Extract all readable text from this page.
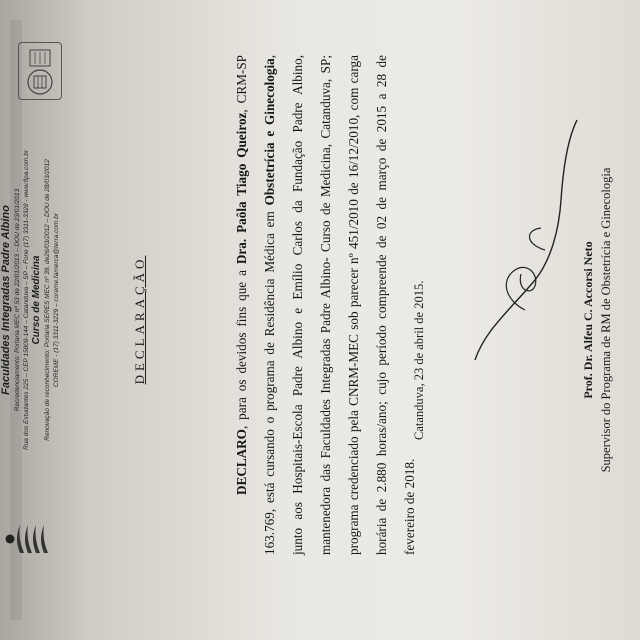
Faculdades Integradas Padre Albino Recredenciamento: Portaria MEC nº 53 de 22/01/2013 – DOU de 23/01/2013 Rua dos Estudantes 225 – CEP 15809-144 – Catanduva – SP – Fone (17) 3311-3328 - www.fipa.com.br Curso de Medicina Renovação de reconhecimento: Portaria SERES MEC nº 39, de26/03/2012 – DOU de 28/03/2012 COREME - (17) 3311-3229 – coreme.famerca@terra.com.br	DECLARAÇÃO

DECLARO, para os devidos fins que a Dra. Paôla Tiago Queiroz, CRM-SP 163.769, está cursando o programa de Residência Médica em Obstetrícia e Ginecologia, junto aos Hospitais-Escola Padre Albino e Emílio Carlos da Fundação Padre Albino, mantenedora das Faculdades Integradas Padre Albino- Curso de Medicina, Catanduva, SP; programa credenciado pela CNRM-MEC sob parecer nº 451/2010 de 16/12/2010, com carga horária de 2.880 horas/ano; cujo período compreende de 02 de março de 2015 a 28 de fevereiro de 2018.

Catanduva, 23 de abril de 2015.	Prof. Dr. Alfeu C. Accorsi Neto Supervisor do Programa de RM de Obstetrícia e Ginecologia
